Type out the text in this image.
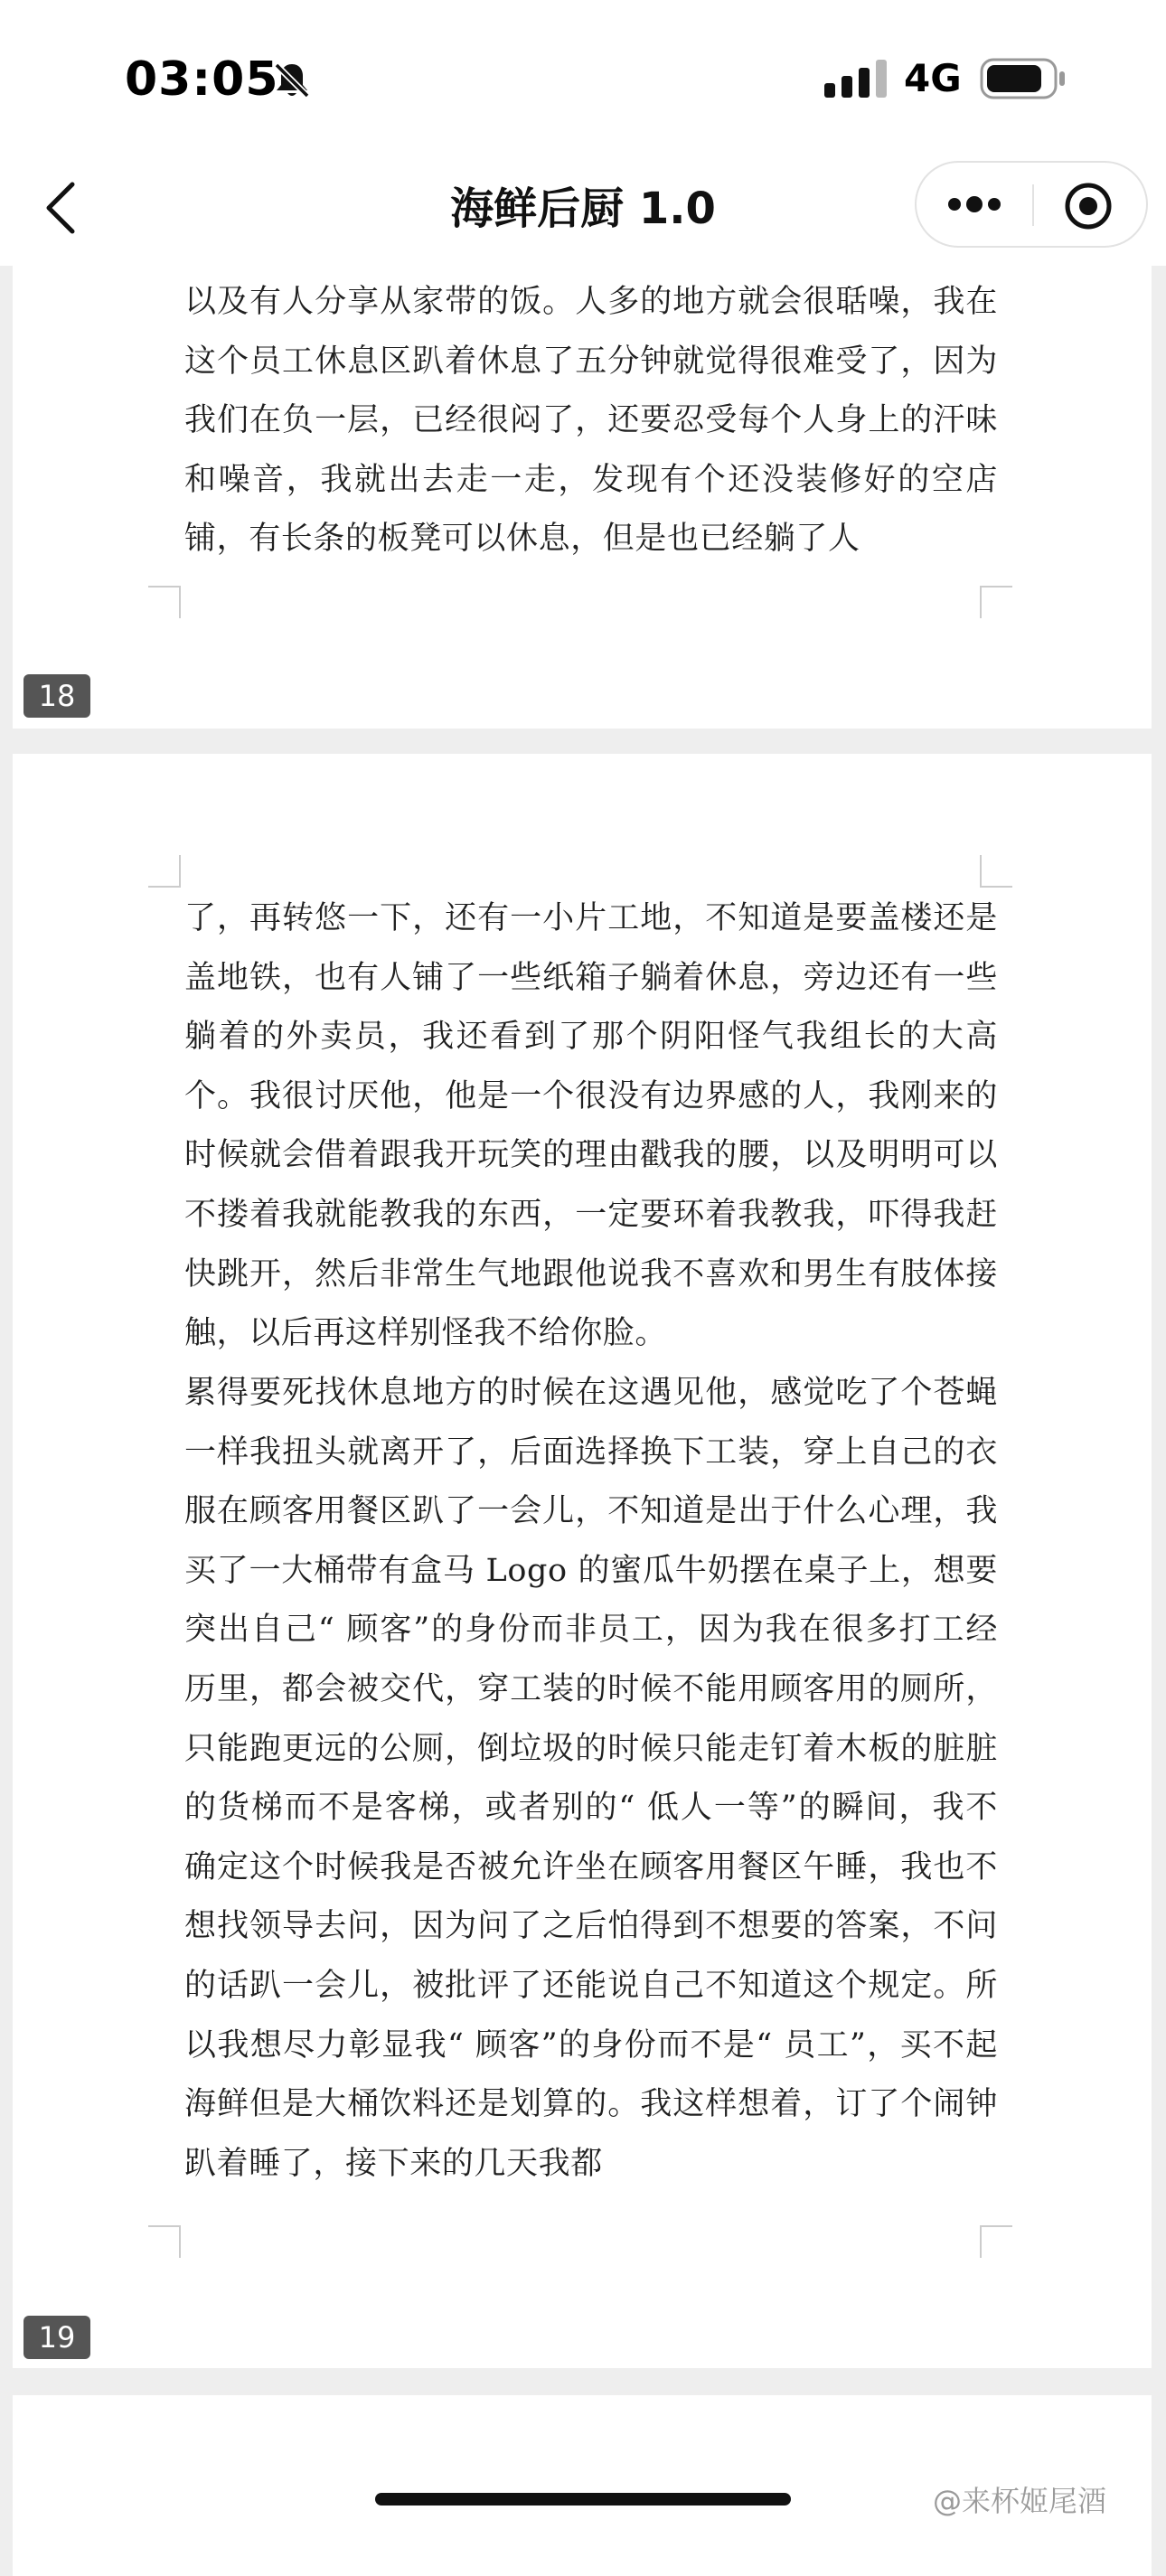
03:05	4G
海鲜后厨 1.0

以及有人分享从家带的饭。人多的地方就会很聒噪，我在这个员工休息区趴着休息了五分钟就觉得很难受了，因为我们在负一层，已经很闷了，还要忍受每个人身上的汗味和噪音，我就出去走一走，发现有个还没装修好的空店铺，有长条的板凳可以休息，但是也已经躺了人

18

了，再转悠一下，还有一小片工地，不知道是要盖楼还是盖地铁，也有人铺了一些纸箱子躺着休息，旁边还有一些躺着的外卖员，我还看到了那个阴阳怪气我组长的大高个。我很讨厌他，他是一个很没有边界感的人，我刚来的时候就会借着跟我开玩笑的理由戳我的腰，以及明明可以不搂着我就能教我的东西，一定要环着我教我，吓得我赶快跳开，然后非常生气地跟他说我不喜欢和男生有肢体接触，以后再这样别怪我不给你脸。

累得要死找休息地方的时候在这遇见他，感觉吃了个苍蝇一样我扭头就离开了，后面选择换下工装，穿上自己的衣服在顾客用餐区趴了一会儿，不知道是出于什么心理，我买了一大桶带有盒马 Logo 的蜜瓜牛奶摆在桌子上，想要突出自己“ 顾客”的身份而非员工，因为我在很多打工经历里，都会被交代，穿工装的时候不能用顾客用的厕所，只能跑更远的公厕，倒垃圾的时候只能走钉着木板的脏脏的货梯而不是客梯，或者别的“ 低人一等”的瞬间，我不确定这个时候我是否被允许坐在顾客用餐区午睡，我也不想找领导去问，因为问了之后怕得到不想要的答案，不问的话趴一会儿，被批评了还能说自己不知道这个规定。所以我想尽力彰显我“ 顾客”的身份而不是“ 员工”，买不起海鲜但是大桶饮料还是划算的。我这样想着，订了个闹钟趴着睡了，接下来的几天我都

19
@来杯姬尾酒
